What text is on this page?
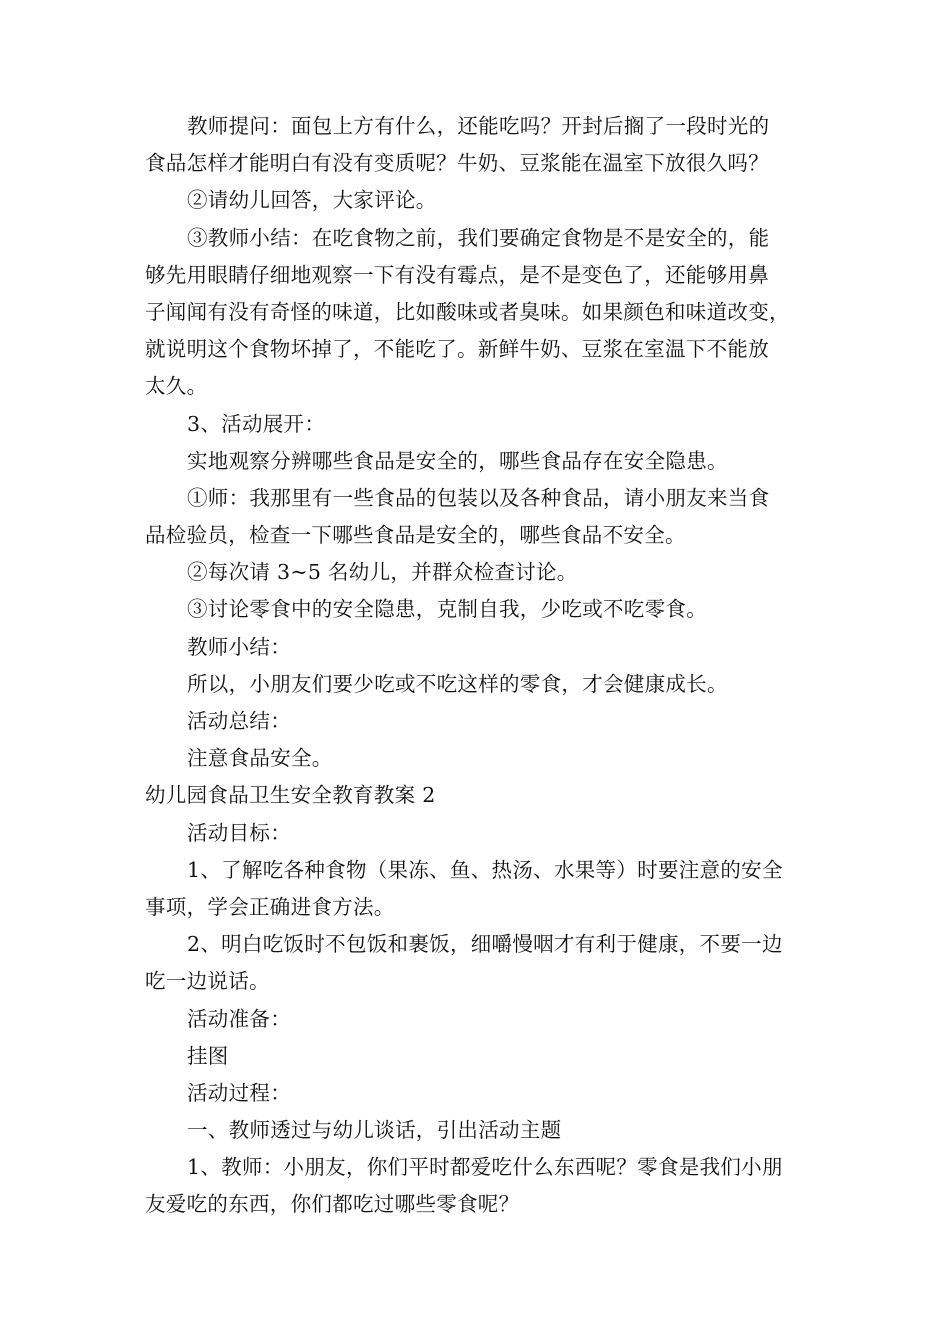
教师提问：面包上方有什么，还能吃吗？开封后搁了一段时光的
食品怎样才能明白有没有变质呢？牛奶、豆浆能在温室下放很久吗？
②请幼儿回答，大家评论。
③教师小结：在吃食物之前，我们要确定食物是不是安全的，能
够先用眼睛仔细地观察一下有没有霉点，是不是变色了，还能够用鼻
子闻闻有没有奇怪的味道，比如酸味或者臭味。如果颜色和味道改变，
就说明这个食物坏掉了，不能吃了。新鲜牛奶、豆浆在室温下不能放
太久。
3、活动展开：
实地观察分辨哪些食品是安全的，哪些食品存在安全隐患。
①师：我那里有一些食品的包装以及各种食品，请小朋友来当食
品检验员，检查一下哪些食品是安全的，哪些食品不安全。
②每次请 3~5 名幼儿，并群众检查讨论。
③讨论零食中的安全隐患，克制自我，少吃或不吃零食。
教师小结：
所以，小朋友们要少吃或不吃这样的零食，才会健康成长。
活动总结：
注意食品安全。
幼儿园食品卫生安全教育教案 2
活动目标：
1、了解吃各种食物（果冻、鱼、热汤、水果等）时要注意的安全
事项，学会正确进食方法。
2、明白吃饭时不包饭和裹饭，细嚼慢咽才有利于健康，不要一边
吃一边说话。
活动准备：
挂图
活动过程：
一、教师透过与幼儿谈话，引出活动主题
1、教师：小朋友，你们平时都爱吃什么东西呢？零食是我们小朋
友爱吃的东西，你们都吃过哪些零食呢？
